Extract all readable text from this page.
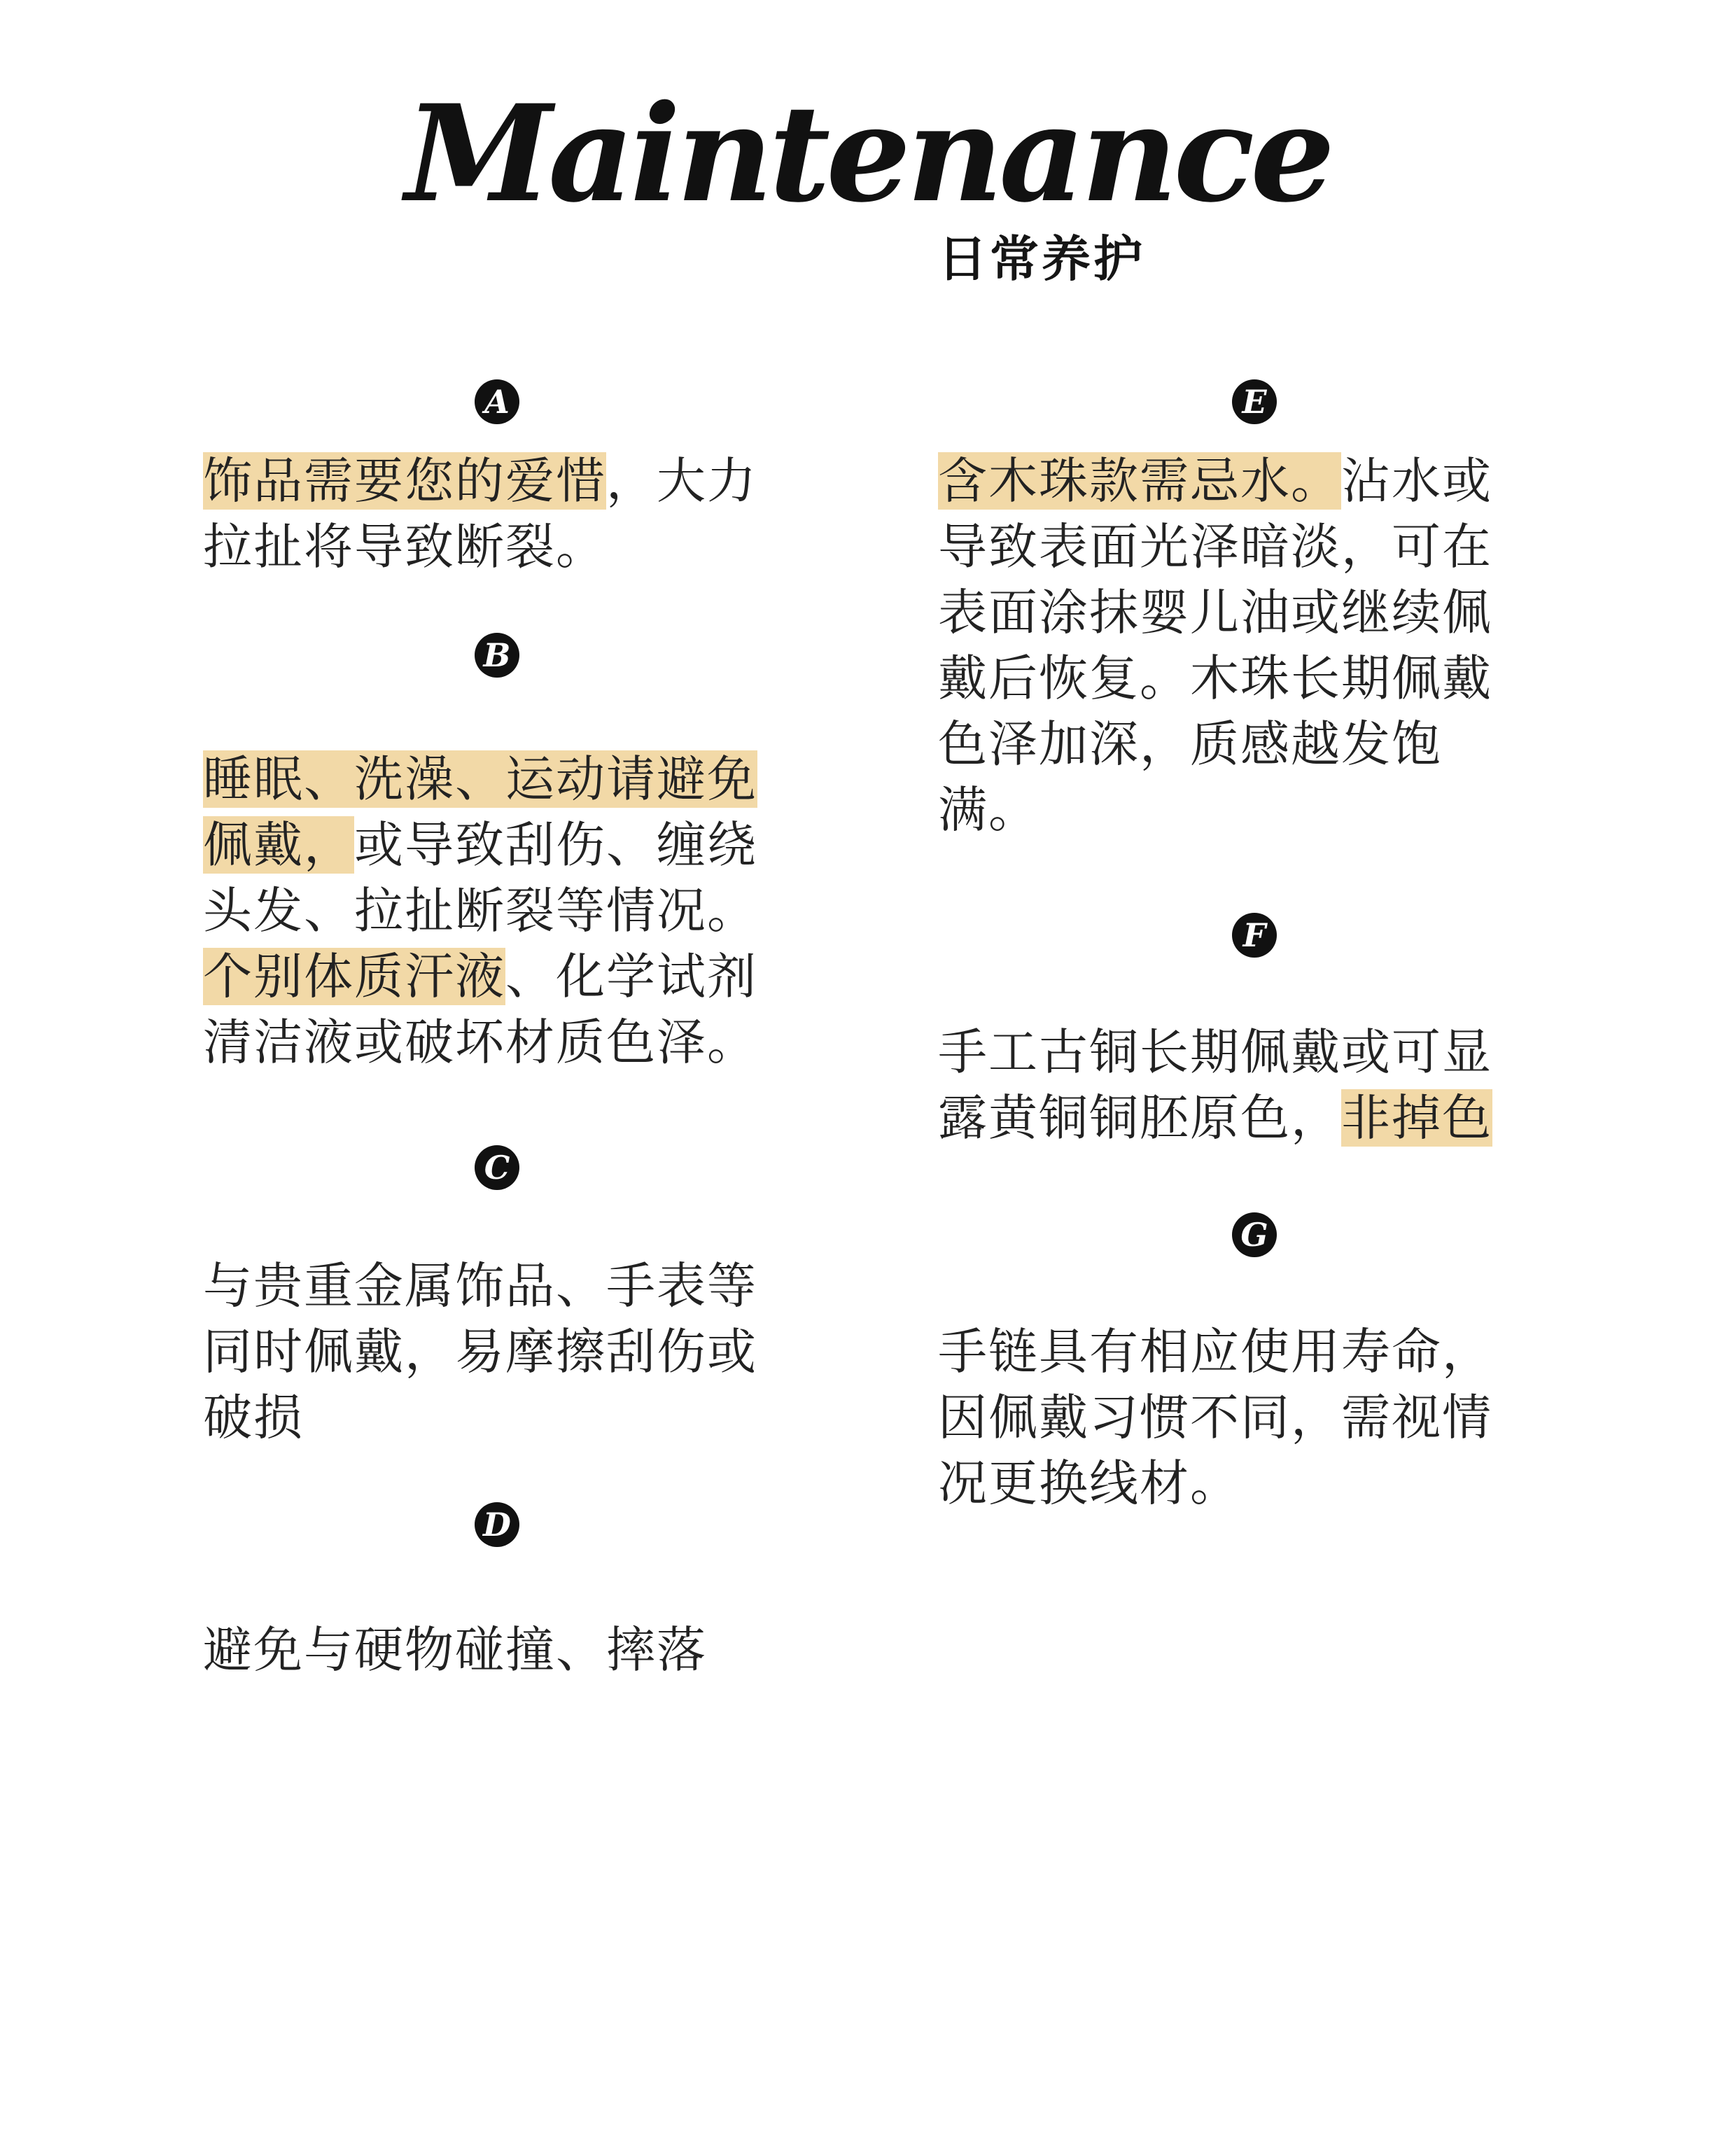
Maintenance
日常养护
A

饰品需要您的爱惜，大力拉扯将导致断裂。

B

睡眠、洗澡、运动请避免佩戴，或导致刮伤、缠绕头发、拉扯断裂等情况。个别体质汗液、化学试剂清洁液或破坏材质色泽。

C

与贵重金属饰品、手表等同时佩戴，易摩擦刮伤或破损

D

避免与硬物碰撞、摔落

E

含木珠款需忌水。沾水或导致表面光泽暗淡，可在表面涂抹婴儿油或继续佩戴后恢复。木珠长期佩戴色泽加深，质感越发饱满。

F

手工古铜长期佩戴或可显露黄铜铜胚原色，非掉色

G

手链具有相应使用寿命，因佩戴习惯不同，需视情况更换线材。
